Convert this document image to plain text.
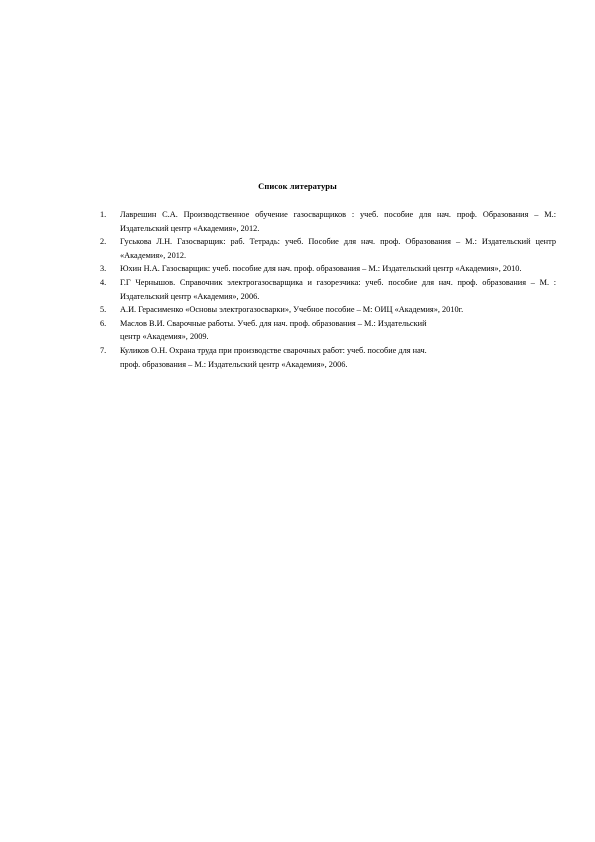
Список литературы
1. Лаврешин С.А. Производственное обучение газосварщиков : учеб. пособие для нач. проф. Образования – М.: Издательский центр «Академия», 2012.
2. Гуськова Л.Н. Газосварщик: раб. Тетрадь: учеб. Пособие для нач. проф. Образования – М.: Издательский центр «Академия», 2012.
3. Юхин Н.А. Газосварщик: учеб. пособие для нач. проф. образования – М.: Издательский центр «Академия», 2010.
4. Г.Г Чернышов. Справочник электрогазосварщика и газорезчика: учеб. пособие для нач. проф. образования – М. : Издательский центр «Академия», 2006.
5. А.И. Герасименко «Основы электрогазосварки», Учебное пособие – М: ОИЦ «Академия», 2010г.
6. Маслов В.И. Сварочные работы. Учеб. для нач. проф. образования – М.: Издательский центр «Академия», 2009.
7. Куликов О.Н. Охрана труда при производстве сварочных работ: учеб. пособие для нач. проф. образования – М.: Издательский центр «Академия», 2006.
